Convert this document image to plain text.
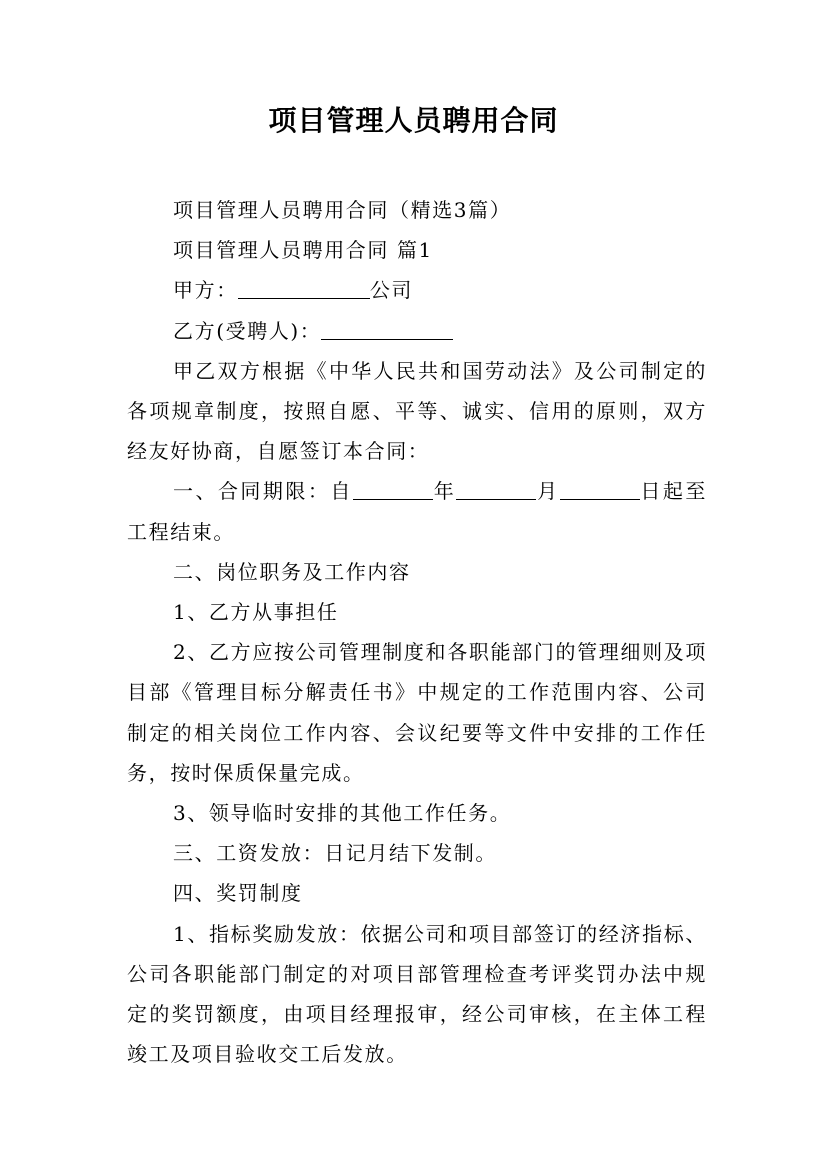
项目管理人员聘用合同

项目管理人员聘用合同（精选3篇）

项目管理人员聘用合同 篇1

甲方：	公司

乙方(受聘人)：

甲乙双方根据《中华人民共和国劳动法》及公司制定的各项规章制度，按照自愿、平等、诚实、信用的原则，双方经友好协商，自愿签订本合同：

一、合同期限：自	年	月	日起至工程结束。

二、岗位职务及工作内容

1、乙方从事担任

2、乙方应按公司管理制度和各职能部门的管理细则及项目部《管理目标分解责任书》中规定的工作范围内容、公司制定的相关岗位工作内容、会议纪要等文件中安排的工作任务，按时保质保量完成。

3、领导临时安排的其他工作任务。

三、工资发放：日记月结下发制。

四、奖罚制度

1、指标奖励发放：依据公司和项目部签订的经济指标、公司各职能部门制定的对项目部管理检查考评奖罚办法中规定的奖罚额度，由项目经理报审，经公司审核，在主体工程竣工及项目验收交工后发放。
